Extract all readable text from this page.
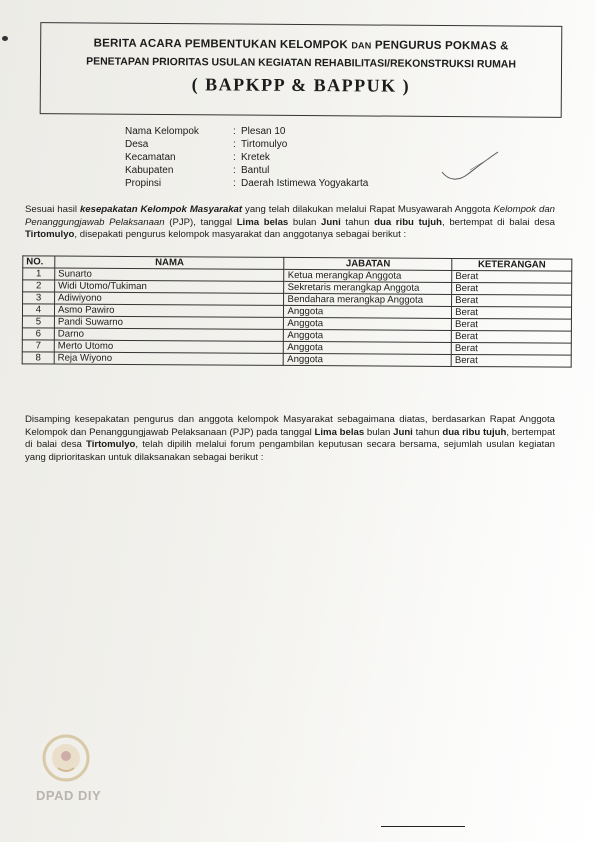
BERITA ACARA PEMBENTUKAN KELOMPOK DAN PENGURUS POKMAS &
PENETAPAN PRIORITAS USULAN KEGIATAN REHABILITASI/REKONSTRUKSI RUMAH
( BAPKPP & BAPPUK )
Nama Kelompok	: Plesan 10
Desa	: Tirtomulyo
Kecamatan	: Kretek
Kabupaten	: Bantul
Propinsi	: Daerah Istimewa Yogyakarta
Sesuai hasil kesepakatan Kelompok Masyarakat yang telah dilakukan melalui Rapat Musyawarah Anggota Kelompok dan Penanggungjawab Pelaksanaan (PJP), tanggal Lima belas bulan Juni tahun dua ribu tujuh, bertempat di balai desa Tirtomulyo, disepakati pengurus kelompok masyarakat dan anggotanya sebagai berikut :
NO.	NAMA	JABATAN	KETERANGAN
1	Sunarto	Ketua merangkap Anggota	Berat
2	Widi Utomo/Tukiman	Sekretaris merangkap Anggota	Berat
3	Adiwiyono	Bendahara merangkap Anggota	Berat
4	Asmo Pawiro	Anggota	Berat
5	Pandi Suwarno	Anggota	Berat
6	Darno	Anggota	Berat
7	Merto Utomo	Anggota	Berat
8	Reja Wiyono	Anggota	Berat
Disamping kesepakatan pengurus dan anggota kelompok Masyarakat sebagaimana diatas, berdasarkan Rapat Anggota Kelompok dan Penanggungjawab Pelaksanaan (PJP) pada tanggal Lima belas bulan Juni tahun dua ribu tujuh, bertempat di balai desa Tirtomulyo, telah dipilih melalui forum pengambilan keputusan secara bersama, sejumlah usulan kegiatan yang diprioritaskan untuk dilaksanakan sebagai berikut :
DPAD DIY
